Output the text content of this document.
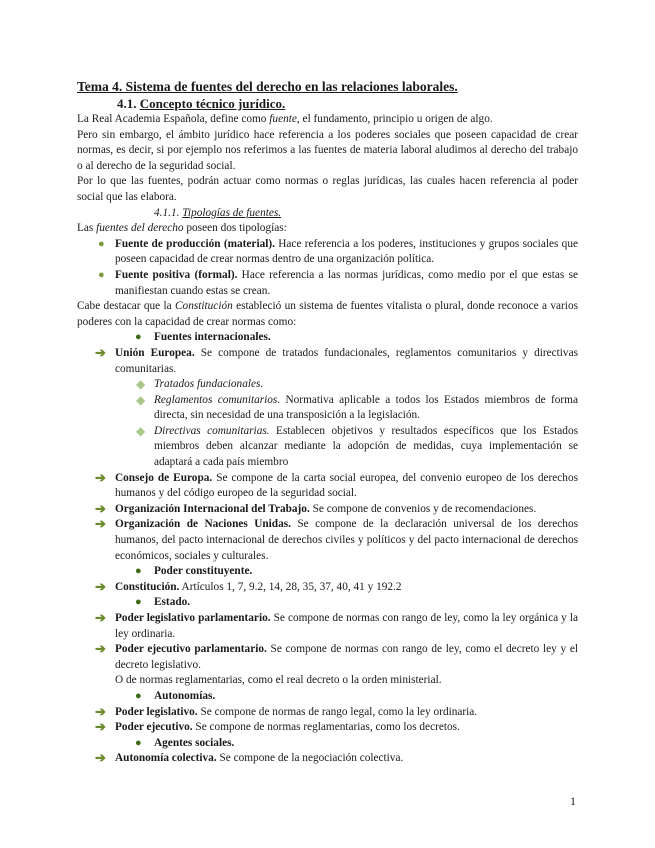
Tema 4. Sistema de fuentes del derecho en las relaciones laborales.
4.1. Concepto técnico jurídico.
La Real Academia Española, define como fuente, el fundamento, principio u origen de algo.
Pero sin embargo, el ámbito jurídico hace referencia a los poderes sociales que poseen capacidad de crear normas, es decir, si por ejemplo nos referimos a las fuentes de materia laboral aludimos al derecho del trabajo o al derecho de la seguridad social.
Por lo que las fuentes, podrán actuar como normas o reglas jurídicas, las cuales hacen referencia al poder social que las elabora.
4.1.1. Tipologías de fuentes.
Las fuentes del derecho poseen dos tipologías:
● Fuente de producción (material). Hace referencia a los poderes, instituciones y grupos sociales que poseen capacidad de crear normas dentro de una organización política.
● Fuente positiva (formal). Hace referencia a las normas jurídicas, como medio por el que estas se manifiestan cuando estas se crean.
Cabe destacar que la Constitución estableció un sistema de fuentes vitalista o plural, donde reconoce a varios poderes con la capacidad de crear normas como:
● Fuentes internacionales.
➔ Unión Europea. Se compone de tratados fundacionales, reglamentos comunitarios y directivas comunitarias.
◆ Tratados fundacionales.
◆ Reglamentos comunitarios. Normativa aplicable a todos los Estados miembros de forma directa, sin necesidad de una transposición a la legislación.
◆ Directivas comunitarias. Establecen objetivos y resultados específicos que los Estados miembros deben alcanzar mediante la adopción de medidas, cuya implementación se adaptará a cada país miembro
➔ Consejo de Europa. Se compone de la carta social europea, del convenio europeo de los derechos humanos y del código europeo de la seguridad social.
➔ Organización Internacional del Trabajo. Se compone de convenios y de recomendaciones.
➔ Organización de Naciones Unidas. Se compone de la declaración universal de los derechos humanos, del pacto internacional de derechos civiles y políticos y del pacto internacional de derechos económicos, sociales y culturales.
● Poder constituyente.
➔ Constitución. Artículos 1, 7, 9.2, 14, 28, 35, 37, 40, 41 y 192.2
● Estado.
➔ Poder legislativo parlamentario. Se compone de normas con rango de ley, como la ley orgánica y la ley ordinaria.
➔ Poder ejecutivo parlamentario. Se compone de normas con rango de ley, como el decreto ley y el decreto legislativo.
O de normas reglamentarias, como el real decreto o la orden ministerial.
● Autonomías.
➔ Poder legislativo. Se compone de normas de rango legal, como la ley ordinaria.
➔ Poder ejecutivo. Se compone de normas reglamentarias, como los decretos.
● Agentes sociales.
➔ Autonomía colectiva. Se compone de la negociación colectiva.
1
